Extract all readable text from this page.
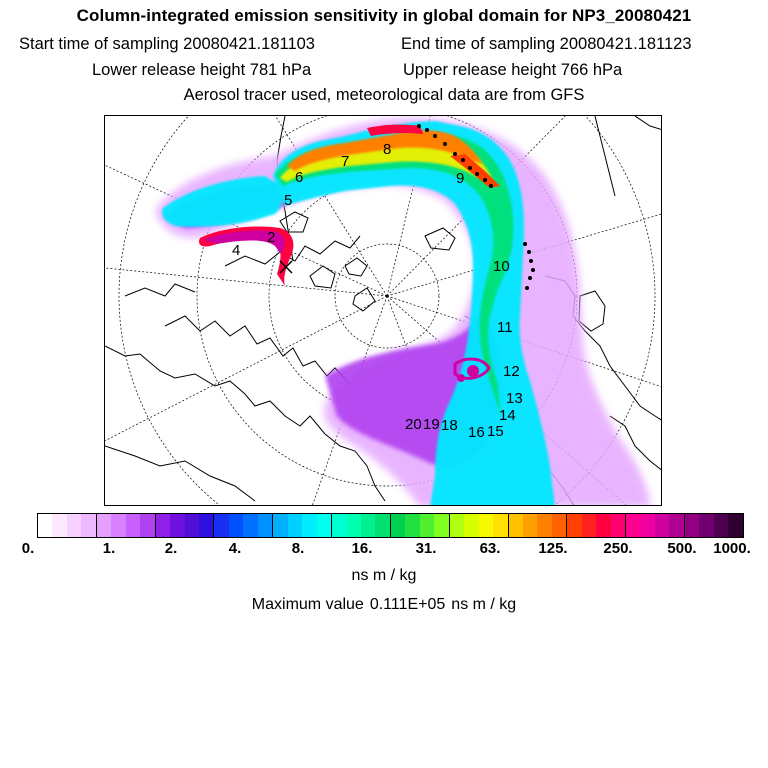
Column-integrated emission sensitivity in global domain for NP3_20080421
Start time of sampling 20080421.181103	End time of sampling 20080421.181123
Lower release height 781 hPa	Upper release height 766 hPa
Aerosol tracer used, meteorological data are from GFS
2
4
5
6
7
8
9
10
11
12
13
14
15
16
18
19
20
0.	1.	2.	4.	8.	16.	31.	63.	125. 250. 500. 1000.
ns m / kg
Maximum value 0.111E+05 ns m / kg
